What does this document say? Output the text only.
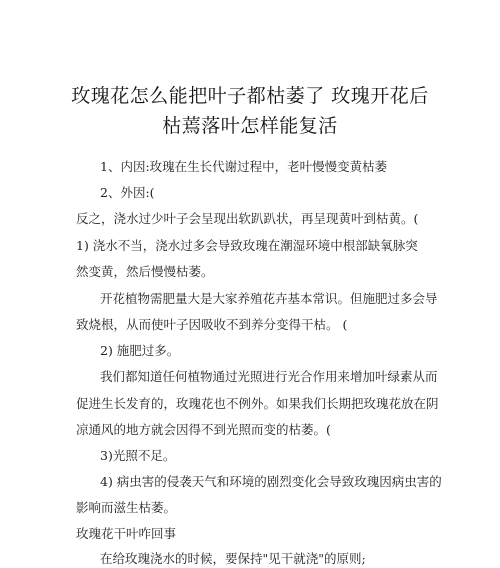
玫瑰花怎么能把叶子都枯萎了 玫瑰开花后
枯蔫落叶怎样能复活
1、内因:玫瑰在生长代谢过程中，老叶慢慢变黄枯萎
2、外因:(
反之，浇水过少叶子会呈现出软趴趴状，再呈现黄叶到枯黄。(
1) 浇水不当，浇水过多会导致玫瑰在潮湿环境中根部缺氧脉突
然变黄，然后慢慢枯萎。
开花植物需肥量大是大家养殖花卉基本常识。但施肥过多会导
致烧根，从而使叶子因吸收不到养分变得干枯。 (
2) 施肥过多。
我们都知道任何植物通过光照进行光合作用来增加叶绿素从而
促进生长发育的，玫瑰花也不例外。如果我们长期把玫瑰花放在阴
凉通风的地方就会因得不到光照而变的枯萎。(
3)光照不足。
4) 病虫害的侵袭天气和环境的剧烈变化会导致玫瑰因病虫害的
影响而滋生枯萎。
玫瑰花干叶咋回事
在给玫瑰浇水的时候，要保持"见干就浇"的原则;
